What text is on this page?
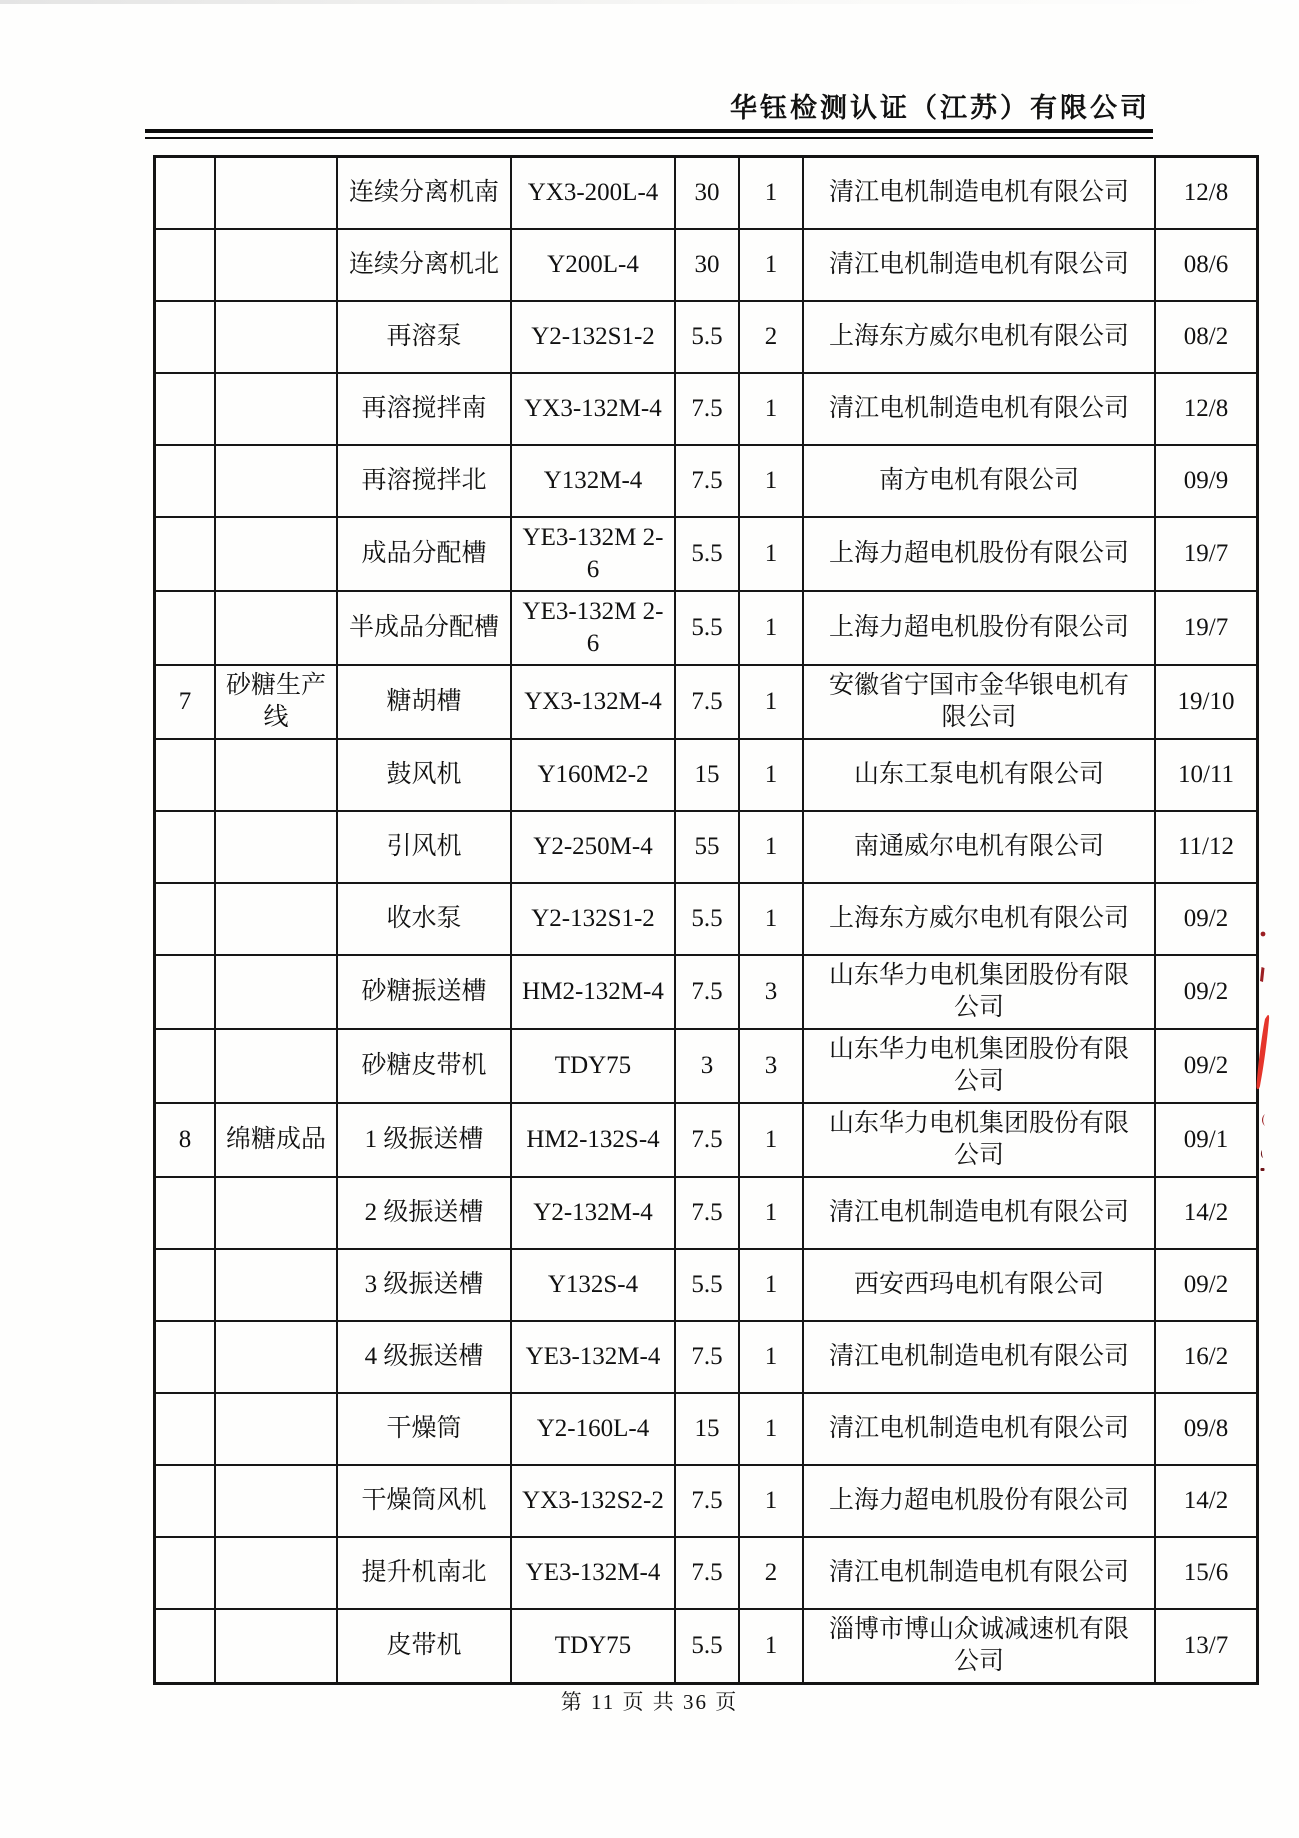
华钰检测认证（江苏）有限公司
		连续分离机南	YX3-200L-4	30	1	清江电机制造电机有限公司	12/8
		连续分离机北	Y200L-4	30	1	清江电机制造电机有限公司	08/6
		再溶泵	Y2-132S1-2	5.5	2	上海东方威尔电机有限公司	08/2
		再溶搅拌南	YX3-132M-4	7.5	1	清江电机制造电机有限公司	12/8
		再溶搅拌北	Y132M-4	7.5	1	南方电机有限公司	09/9
		成品分配槽	YE3-132M 2-6	5.5	1	上海力超电机股份有限公司	19/7
		半成品分配槽	YE3-132M 2-6	5.5	1	上海力超电机股份有限公司	19/7
7	砂糖生产线	糖胡槽	YX3-132M-4	7.5	1	安徽省宁国市金华银电机有限公司	19/10
		鼓风机	Y160M2-2	15	1	山东工泵电机有限公司	10/11
		引风机	Y2-250M-4	55	1	南通威尔电机有限公司	11/12
		收水泵	Y2-132S1-2	5.5	1	上海东方威尔电机有限公司	09/2
		砂糖振送槽	HM2-132M-4	7.5	3	山东华力电机集团股份有限公司	09/2
		砂糖皮带机	TDY75	3	3	山东华力电机集团股份有限公司	09/2
8	绵糖成品	1 级振送槽	HM2-132S-4	7.5	1	山东华力电机集团股份有限公司	09/1
		2 级振送槽	Y2-132M-4	7.5	1	清江电机制造电机有限公司	14/2
		3 级振送槽	Y132S-4	5.5	1	西安西玛电机有限公司	09/2
		4 级振送槽	YE3-132M-4	7.5	1	清江电机制造电机有限公司	16/2
		干燥筒	Y2-160L-4	15	1	清江电机制造电机有限公司	09/8
		干燥筒风机	YX3-132S2-2	7.5	1	上海力超电机股份有限公司	14/2
		提升机南北	YE3-132M-4	7.5	2	清江电机制造电机有限公司	15/6
		皮带机	TDY75	5.5	1	淄博市博山众诚减速机有限公司	13/7
第 11 页 共 36 页
